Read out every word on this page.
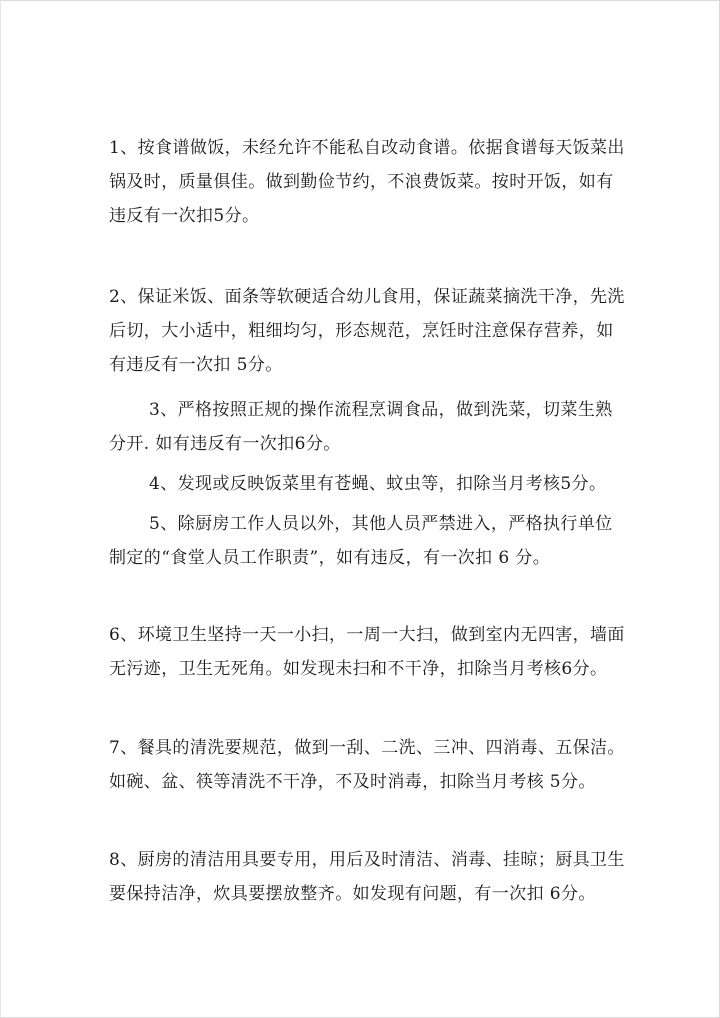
1、按食谱做饭，未经允许不能私自改动食谱。依据食谱每天饭菜出
锅及时，质量俱佳。做到勤俭节约，不浪费饭菜。按时开饭，如有
违反有一次扣5分。

2、保证米饭、面条等软硬适合幼儿食用，保证蔬菜摘洗干净，先洗
后切，大小适中，粗细均匀，形态规范，烹饪时注意保存营养，如
有违反有一次扣 5分。

3、严格按照正规的操作流程烹调食品，做到洗菜，切菜生熟
分开. 如有违反有一次扣6分。

4、发现或反映饭菜里有苍蝇、蚊虫等，扣除当月考核5分。

5、除厨房工作人员以外，其他人员严禁进入，严格执行单位
制定的“食堂人员工作职责”，如有违反，有一次扣 6 分。

6、环境卫生坚持一天一小扫，一周一大扫，做到室内无四害，墙面
无污迹，卫生无死角。如发现未扫和不干净，扣除当月考核6分。

7、餐具的清洗要规范，做到一刮、二洗、三冲、四消毒、五保洁。
如碗、盆、筷等清洗不干净，不及时消毒，扣除当月考核 5分。

8、厨房的清洁用具要专用，用后及时清洁、消毒、挂晾；厨具卫生
要保持洁净，炊具要摆放整齐。如发现有问题，有一次扣 6分。
